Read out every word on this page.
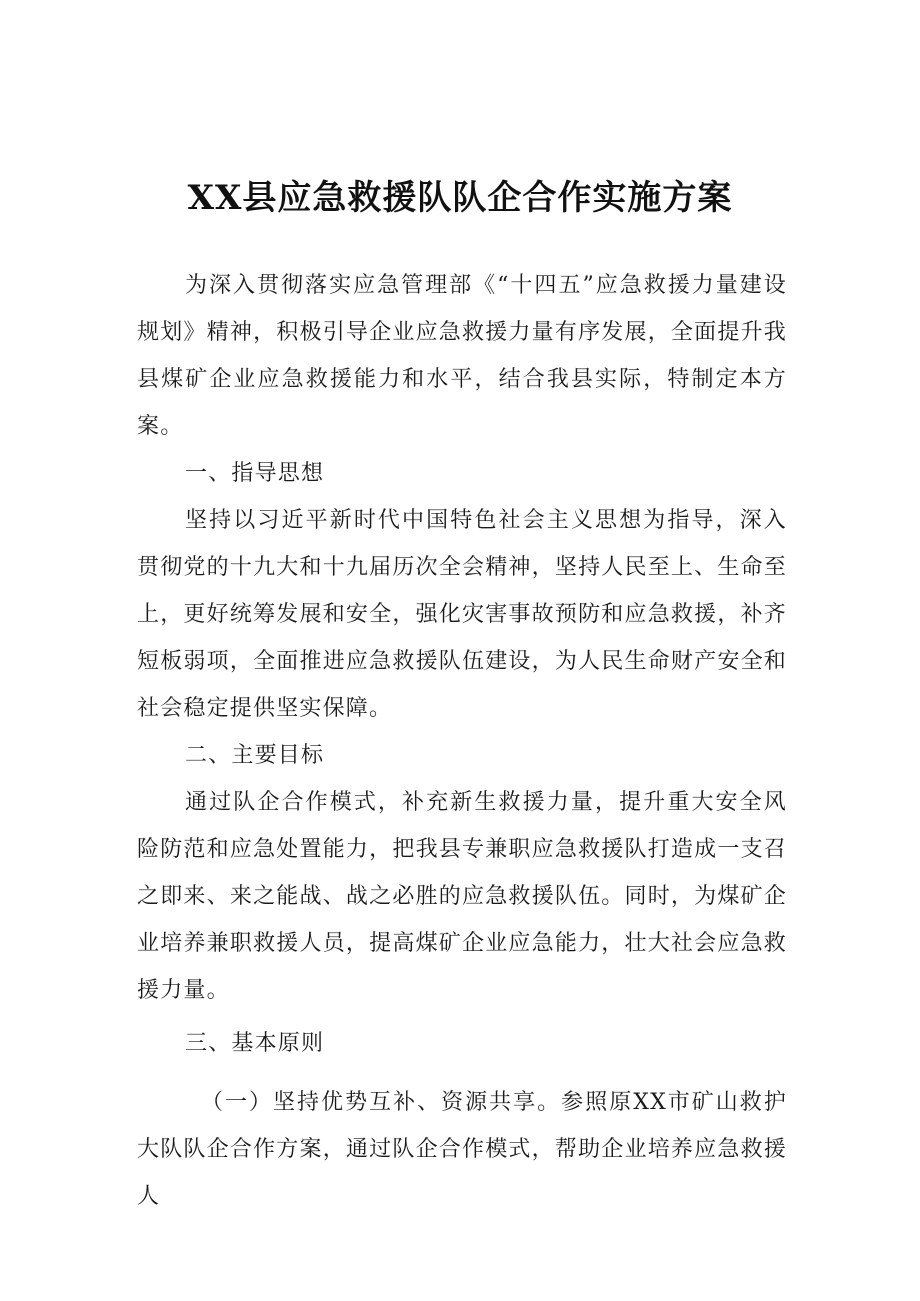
XX县应急救援队队企合作实施方案

为深入贯彻落实应急管理部《“十四五”应急救援力量建设规划》精神，积极引导企业应急救援力量有序发展，全面提升我县煤矿企业应急救援能力和水平，结合我县实际，特制定本方案。

一、指导思想

坚持以习近平新时代中国特色社会主义思想为指导，深入贯彻党的十九大和十九届历次全会精神，坚持人民至上、生命至上，更好统筹发展和安全，强化灾害事故预防和应急救援，补齐短板弱项，全面推进应急救援队伍建设，为人民生命财产安全和社会稳定提供坚实保障。

二、主要目标

通过队企合作模式，补充新生救援力量，提升重大安全风险防范和应急处置能力，把我县专兼职应急救援队打造成一支召之即来、来之能战、战之必胜的应急救援队伍。同时，为煤矿企业培养兼职救援人员，提高煤矿企业应急能力，壮大社会应急救援力量。

三、基本原则

（一）坚持优势互补、资源共享。参照原XX市矿山救护大队队企合作方案，通过队企合作模式，帮助企业培养应急救援人
